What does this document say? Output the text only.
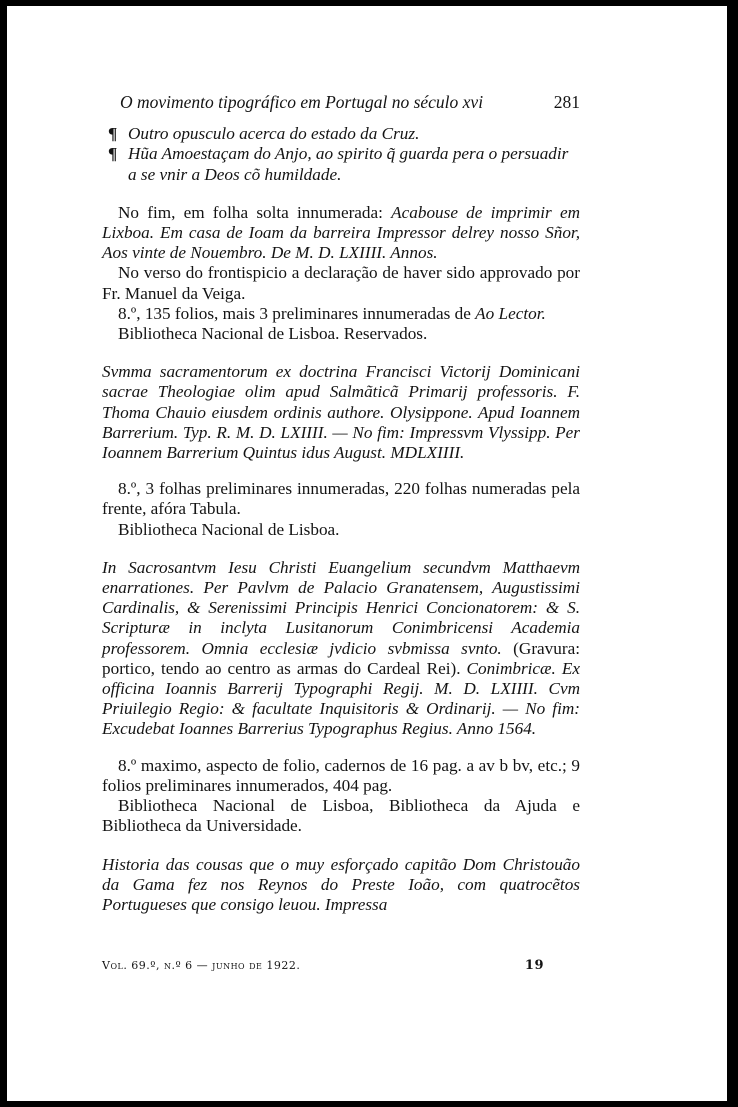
O movimento tipográfico em Portugal no século xvi	281
¶ Outro opusculo acerca do estado da Cruz.
¶ Hũa Amoestaçam do Anjo, ao spirito q̃ guarda pera o persuadir a se vnir a Deos cõ humildade.

No fim, em folha solta innumerada: Acabouse de imprimir em Lixboa. Em casa de Ioam da barreira Impressor delrey nosso Sñor, Aos vinte de Nouembro. De M. D. LXIIII. Annos.

No verso do frontispicio a declaração de haver sido approvado por Fr. Manuel da Veiga.

8.º, 135 folios, mais 3 preliminares innumeradas de Ao Lector.

Bibliotheca Nacional de Lisboa. Reservados.

Svmma sacramentorum ex doctrina Francisci Victorij Dominicani sacrae Theologiae olim apud Salmãticã Primarij professoris. F. Thoma Chauio eiusdem ordinis authore. Olysippone. Apud Ioannem Barrerium. Typ. R. M. D. LXIIII. — No fim: Impressvm Vlyssipp. Per Ioannem Barrerium Quintus idus August. MDLXIIII.

8.º, 3 folhas preliminares innumeradas, 220 folhas numeradas pela frente, afóra Tabula.

Bibliotheca Nacional de Lisboa.

In Sacrosantvm Iesu Christi Euangelium secundvm Matthaevm enarrationes. Per Pavlvm de Palacio Granatensem, Augustissimi Cardinalis, & Serenissimi Principis Henrici Concionatorem: & S. Scripturæ in inclyta Lusitanorum Conimbricensi Academia professorem. Omnia ecclesiæ jvdicio svbmissa svnto. (Gravura: portico, tendo ao centro as armas do Cardeal Rei). Conimbricæ. Ex officina Ioannis Barrerij Typographi Regij. M. D. LXIIII. Cvm Priuilegio Regio: & facultate Inquisitoris & Ordinarij. — No fim: Excudebat Ioannes Barrerius Typographus Regius. Anno 1564.

8.º maximo, aspecto de folio, cadernos de 16 pag. a av b bv, etc.; 9 folios preliminares innumerados, 404 pag.

Bibliotheca Nacional de Lisboa, Bibliotheca da Ajuda e Bibliotheca da Universidade.

Historia das cousas que o muy esforçado capitão Dom Christouão da Gama fez nos Reynos do Preste Ioão, com quatrocẽtos Portugueses que consigo leuou. Impressa

Vol. 69.º, n.º 6 — junho de 1922.	19
